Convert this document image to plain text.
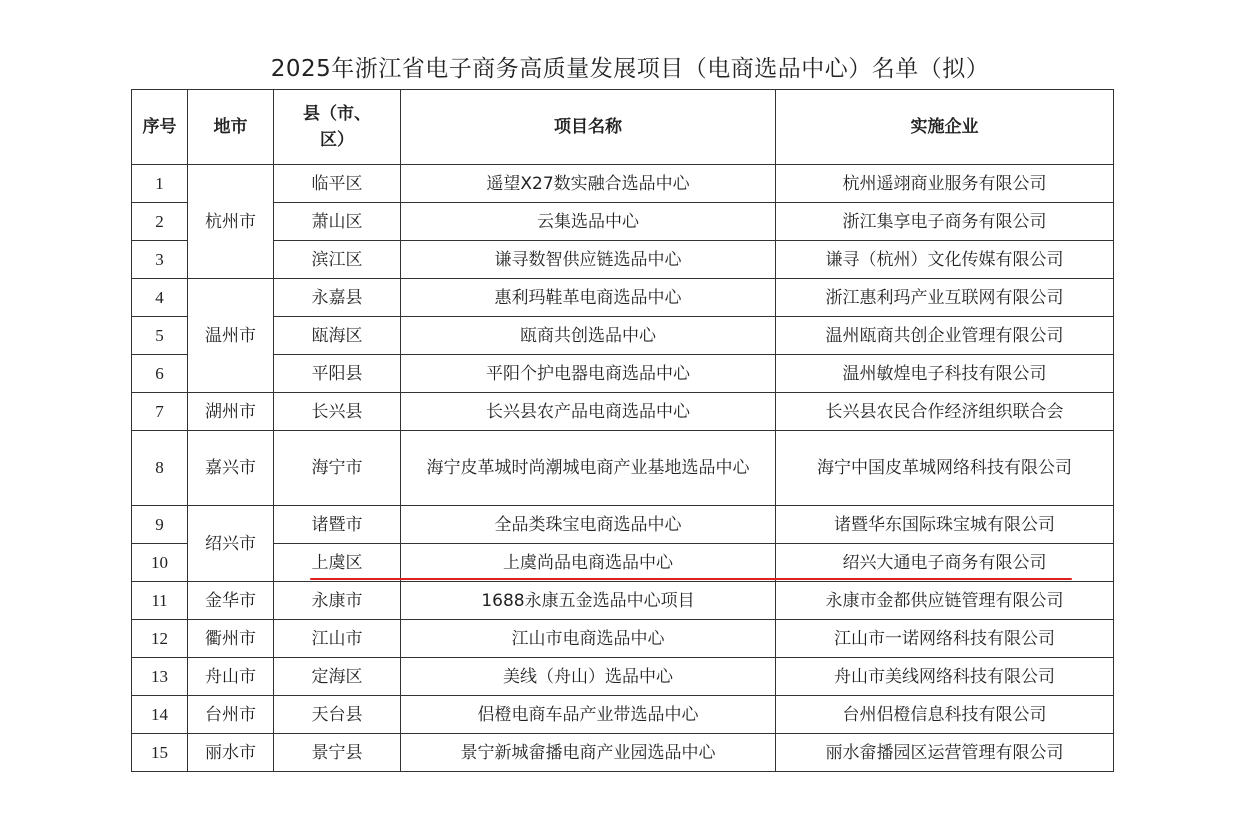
2025年浙江省电子商务高质量发展项目（电商选品中心）名单（拟）
序号	地市	县（市、区）	项目名称	实施企业
1	杭州市	临平区	遥望X27数实融合选品中心	杭州遥翊商业服务有限公司
2		萧山区	云集选品中心	浙江集享电子商务有限公司
3		滨江区	谦寻数智供应链选品中心	谦寻（杭州）文化传媒有限公司
4	温州市	永嘉县	惠利玛鞋革电商选品中心	浙江惠利玛产业互联网有限公司
5		瓯海区	瓯商共创选品中心	温州瓯商共创企业管理有限公司
6		平阳县	平阳个护电器电商选品中心	温州敏煌电子科技有限公司
7	湖州市	长兴县	长兴县农产品电商选品中心	长兴县农民合作经济组织联合会
8	嘉兴市	海宁市	海宁皮革城时尚潮城电商产业基地选品中心	海宁中国皮革城网络科技有限公司
9	绍兴市	诸暨市	全品类珠宝电商选品中心	诸暨华东国际珠宝城有限公司
10		上虞区	上虞尚品电商选品中心	绍兴大通电子商务有限公司
11	金华市	永康市	1688永康五金选品中心项目	永康市金都供应链管理有限公司
12	衢州市	江山市	江山市电商选品中心	江山市一诺网络科技有限公司
13	舟山市	定海区	美线（舟山）选品中心	舟山市美线网络科技有限公司
14	台州市	天台县	侣橙电商车品产业带选品中心	台州侣橙信息科技有限公司
15	丽水市	景宁县	景宁新城畲播电商产业园选品中心	丽水畲播园区运营管理有限公司
